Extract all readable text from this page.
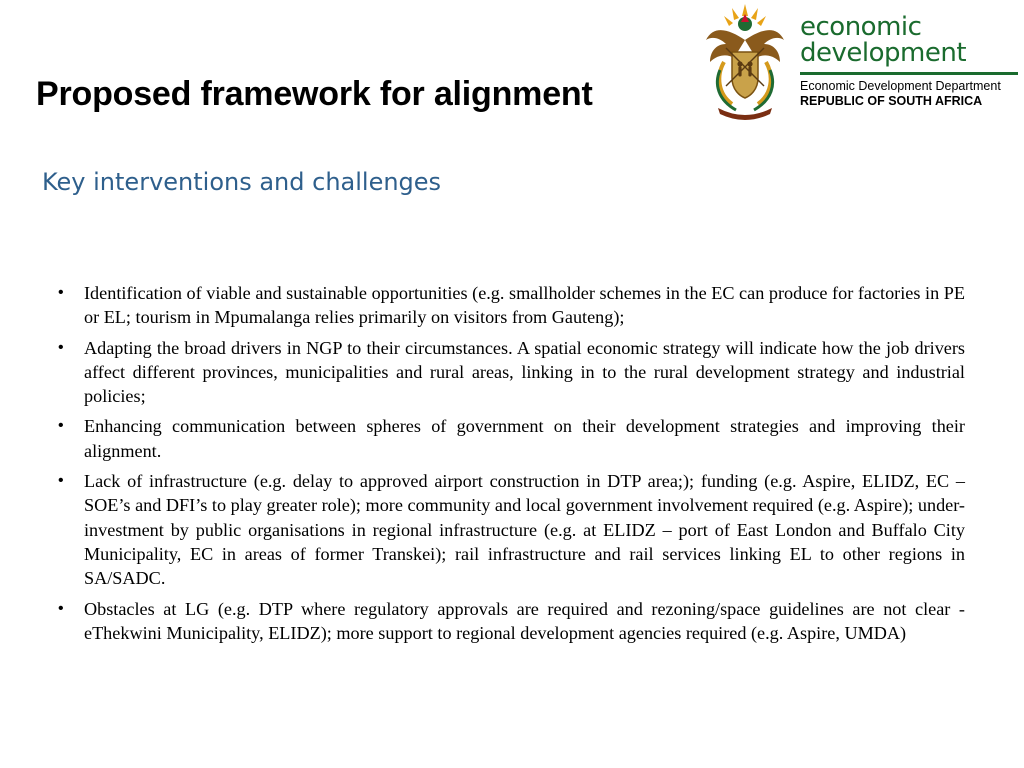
Proposed framework for alignment
economic
development
Economic Development Department
REPUBLIC OF SOUTH AFRICA
Key interventions and challenges
• Identification of viable and sustainable opportunities (e.g. smallholder schemes in the EC can produce for factories in PE or EL; tourism in Mpumalanga relies primarily on visitors from Gauteng);
• Adapting the broad drivers in NGP to their circumstances. A spatial economic strategy will indicate how the job drivers affect different provinces, municipalities and rural areas, linking in to the rural development strategy and industrial policies;
• Enhancing communication between spheres of government on their development strategies and improving their alignment.
• Lack of infrastructure (e.g. delay to approved airport construction in DTP area;); funding (e.g. Aspire, ELIDZ, EC – SOE’s and DFI’s to play greater role); more community and local government involvement required (e.g. Aspire); under-investment by public organisations in regional infrastructure (e.g. at ELIDZ – port of East London and Buffalo City Municipality, EC in areas of former Transkei); rail infrastructure and rail services linking EL to other regions in SA/SADC.
• Obstacles at LG (e.g. DTP where regulatory approvals are required and rezoning/space guidelines are not clear - eThekwini Municipality, ELIDZ); more support to regional development agencies required (e.g. Aspire, UMDA)
